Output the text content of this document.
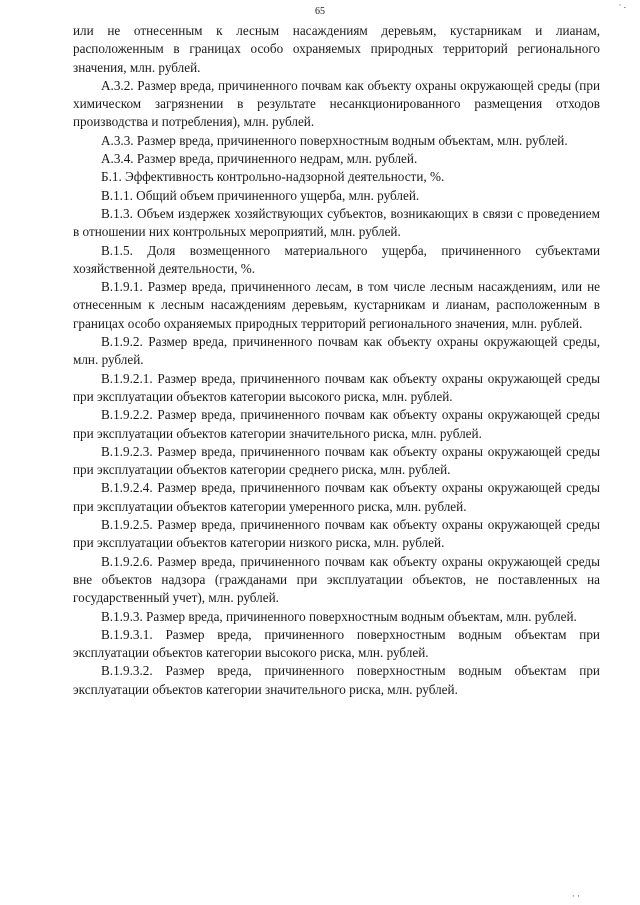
· .
65

или не отнесенным к лесным насаждениям деревьям, кустарникам и лианам, расположенным в границах особо охраняемых природных территорий регионального значения, млн. рублей.

А.3.2. Размер вреда, причиненного почвам как объекту охраны окружающей среды (при химическом загрязнении в результате несанкционированного размещения отходов производства и потребления), млн. рублей.

А.3.3. Размер вреда, причиненного поверхностным водным объектам, млн. рублей.

А.3.4. Размер вреда, причиненного недрам, млн. рублей.

Б.1. Эффективность контрольно-надзорной деятельности, %.

В.1.1. Общий объем причиненного ущерба, млн. рублей.

В.1.3. Объем издержек хозяйствующих субъектов, возникающих в связи с проведением в отношении них контрольных мероприятий, млн. рублей.

В.1.5. Доля возмещенного материального ущерба, причиненного субъектами хозяйственной деятельности, %.

В.1.9.1. Размер вреда, причиненного лесам, в том числе лесным насаждениям, или не отнесенным к лесным насаждениям деревьям, кустарникам и лианам, расположенным в границах особо охраняемых природных территорий регионального значения, млн. рублей.

В.1.9.2. Размер вреда, причиненного почвам как объекту охраны окружающей среды, млн. рублей.

В.1.9.2.1. Размер вреда, причиненного почвам как объекту охраны окружающей среды при эксплуатации объектов категории высокого риска, млн. рублей.

В.1.9.2.2. Размер вреда, причиненного почвам как объекту охраны окружающей среды при эксплуатации объектов категории значительного риска, млн. рублей.

В.1.9.2.3. Размер вреда, причиненного почвам как объекту охраны окружающей среды при эксплуатации объектов категории среднего риска, млн. рублей.

В.1.9.2.4. Размер вреда, причиненного почвам как объекту охраны окружающей среды при эксплуатации объектов категории умеренного риска, млн. рублей.

В.1.9.2.5. Размер вреда, причиненного почвам как объекту охраны окружающей среды при эксплуатации объектов категории низкого риска, млн. рублей.

В.1.9.2.6. Размер вреда, причиненного почвам как объекту охраны окружающей среды вне объектов надзора (гражданами при эксплуатации объектов, не поставленных на государственный учет), млн. рублей.

В.1.9.3. Размер вреда, причиненного поверхностным водным объектам, млн. рублей.

В.1.9.3.1. Размер вреда, причиненного поверхностным водным объектам при эксплуатации объектов категории высокого риска, млн. рублей.

В.1.9.3.2. Размер вреда, причиненного поверхностным водным объектам при эксплуатации объектов категории значительного риска, млн. рублей.

· ·
